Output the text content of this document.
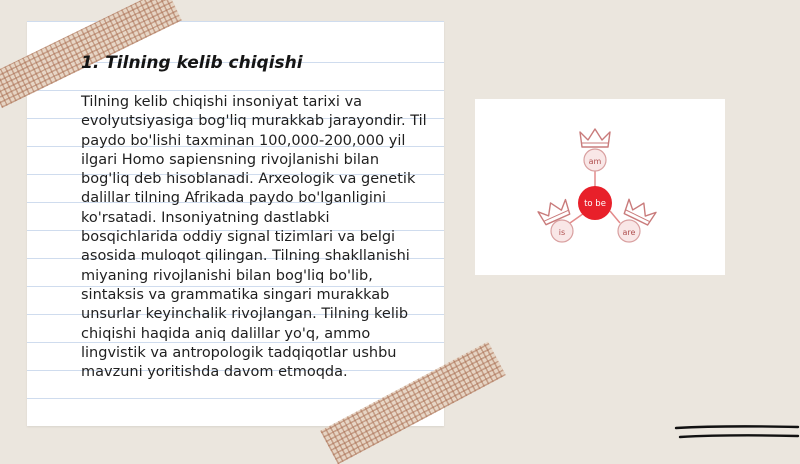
1. Tilning kelib chiqishi

Tilning kelib chiqishi insoniyat tarixi va evolyutsiyasiga bog'liq murakkab jarayondir. Til paydo bo'lishi taxminan 100,000-200,000 yil ilgari Homo sapiensning rivojlanishi bilan bog'liq deb hisoblanadi. Arxeologik va genetik dalillar tilning Afrikada paydo bo'lganligini ko'rsatadi. Insoniyatning dastlabki bosqichlarida oddiy signal tizimlari va belgi asosida muloqot qilingan. Tilning shakllanishi miyaning rivojlanishi bilan bog'liq bo'lib, sintaksis va grammatika singari murakkab unsurlar keyinchalik rivojlangan. Tilning kelib chiqishi haqida aniq dalillar yo'q, ammo lingvistik va antropologik tadqiqotlar ushbu mavzuni yoritishda davom etmoqda.

am
is	are
to be
